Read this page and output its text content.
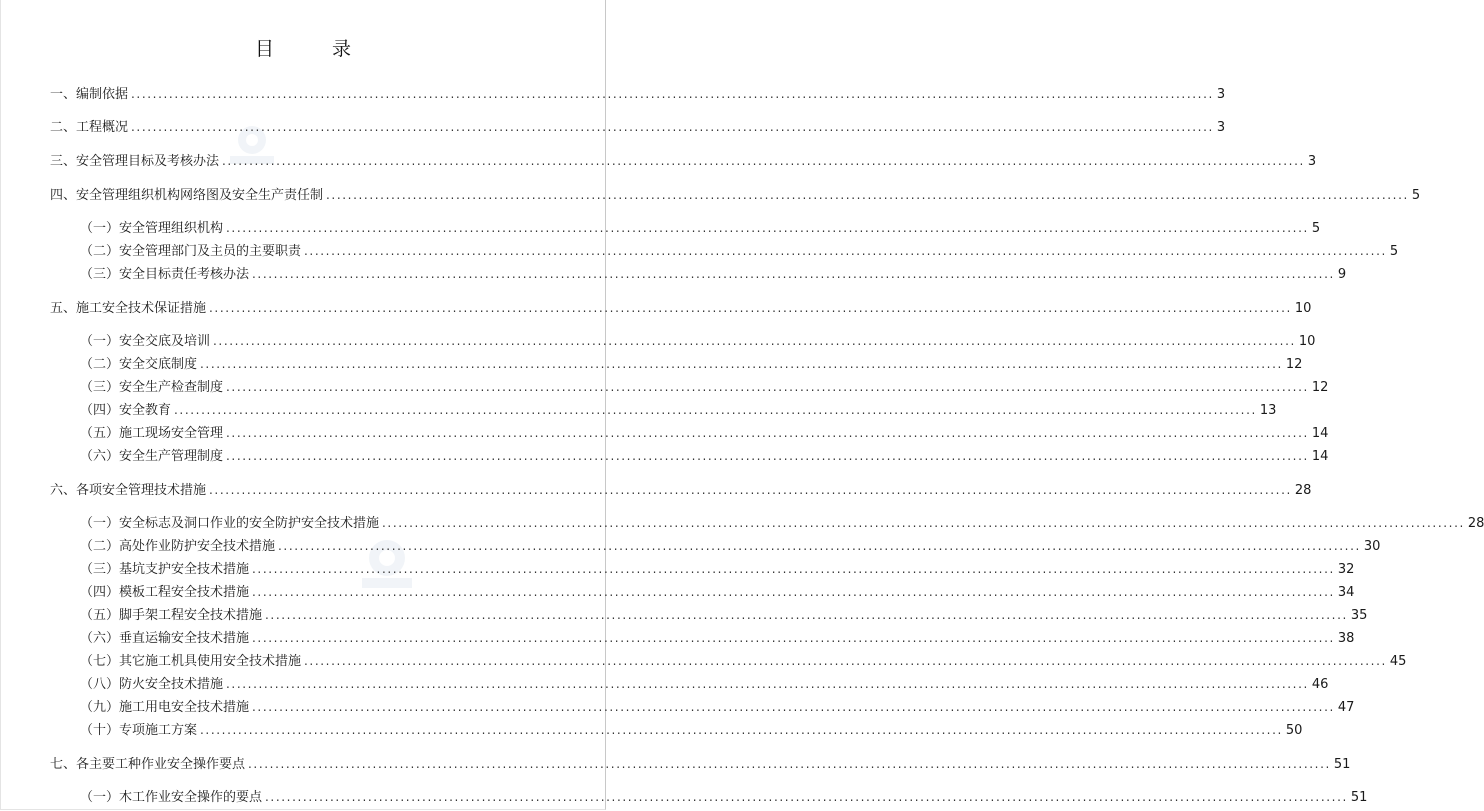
目 录
一、编制依据 ........................................................................................................................................................................................................ 3
二、工程概况 ........................................................................................................................................................................................................ 3
三、安全管理目标及考核办法 ........................................................................................................................................................................................................ 3
四、安全管理组织机构网络图及安全生产责任制 ........................................................................................................................................................................................................ 5
（一）安全管理组织机构 ........................................................................................................................................................................................................ 5
（二）安全管理部门及主员的主要职责 ........................................................................................................................................................................................................ 5
（三）安全目标责任考核办法 ........................................................................................................................................................................................................ 9
五、施工安全技术保证措施 ........................................................................................................................................................................................................ 10
（一）安全交底及培训 ........................................................................................................................................................................................................ 10
（二）安全交底制度 ........................................................................................................................................................................................................ 12
（三）安全生产检查制度 ........................................................................................................................................................................................................ 12
（四）安全教育 ........................................................................................................................................................................................................ 13
（五）施工现场安全管理 ........................................................................................................................................................................................................ 14
（六）安全生产管理制度 ........................................................................................................................................................................................................ 14
六、各项安全管理技术措施 ........................................................................................................................................................................................................ 28
（一）安全标志及洞口作业的安全防护安全技术措施 ........................................................................................................................................................................................................ 28
（二）高处作业防护安全技术措施 ........................................................................................................................................................................................................ 30
（三）基坑支护安全技术措施 ........................................................................................................................................................................................................ 32
（四）模板工程安全技术措施 ........................................................................................................................................................................................................ 34
（五）脚手架工程安全技术措施 ........................................................................................................................................................................................................ 35
（六）垂直运输安全技术措施 ........................................................................................................................................................................................................ 38
（七）其它施工机具使用安全技术措施 ........................................................................................................................................................................................................ 45
（八）防火安全技术措施 ........................................................................................................................................................................................................ 46
（九）施工用电安全技术措施 ........................................................................................................................................................................................................ 47
（十）专项施工方案 ........................................................................................................................................................................................................ 50
七、各主要工种作业安全操作要点 ........................................................................................................................................................................................................ 51
（一）木工作业安全操作的要点 ........................................................................................................................................................................................................ 51
